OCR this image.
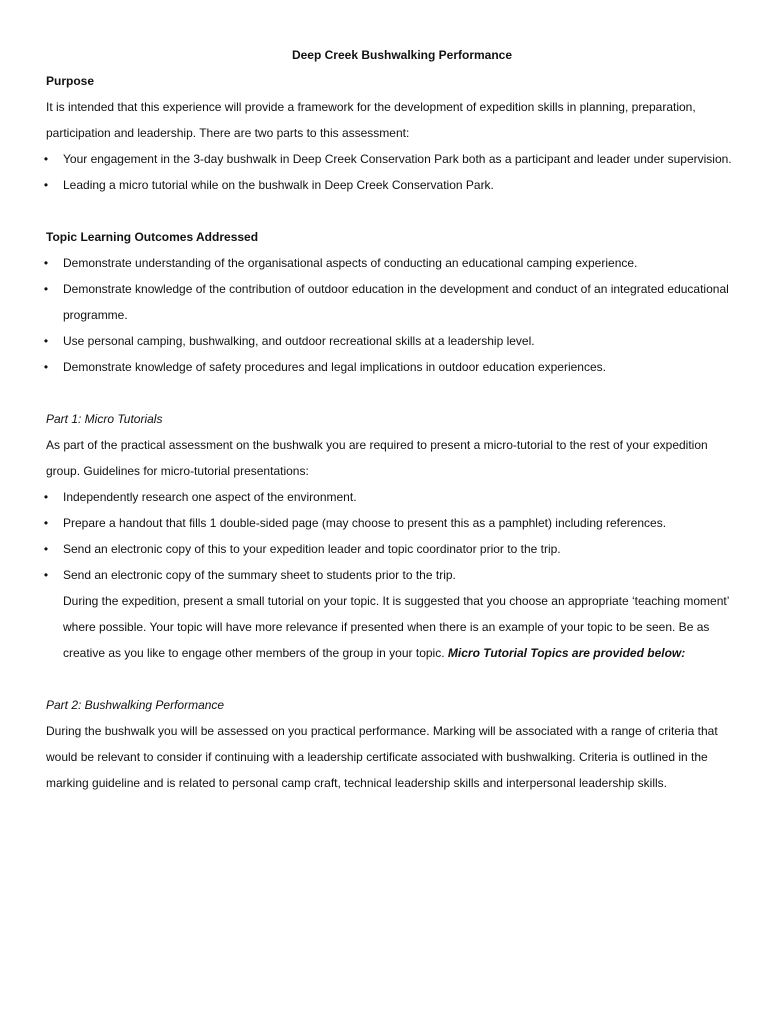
Deep Creek Bushwalking Performance

Purpose

It is intended that this experience will provide a framework for the development of expedition skills in planning, preparation, participation and leadership. There are two parts to this assessment:

•	Your engagement in the 3-day bushwalk in Deep Creek Conservation Park both as a participant and leader under supervision.
•	Leading a micro tutorial while on the bushwalk in Deep Creek Conservation Park.

Topic Learning Outcomes Addressed

•	Demonstrate understanding of the organisational aspects of conducting an educational camping experience.
•	Demonstrate knowledge of the contribution of outdoor education in the development and conduct of an integrated educational programme.
•	Use personal camping, bushwalking, and outdoor recreational skills at a leadership level.
•	Demonstrate knowledge of safety procedures and legal implications in outdoor education experiences.

Part 1: Micro Tutorials

As part of the practical assessment on the bushwalk you are required to present a micro-tutorial to the rest of your expedition group. Guidelines for micro-tutorial presentations:

•	Independently research one aspect of the environment.
•	Prepare a handout that fills 1 double-sided page (may choose to present this as a pamphlet) including references.
•	Send an electronic copy of this to your expedition leader and topic coordinator prior to the trip.
•	Send an electronic copy of the summary sheet to students prior to the trip.

During the expedition, present a small tutorial on your topic. It is suggested that you choose an appropriate ‘teaching moment’ where possible. Your topic will have more relevance if presented when there is an example of your topic to be seen. Be as creative as you like to engage other members of the group in your topic. Micro Tutorial Topics are provided below:

Part 2: Bushwalking Performance

During the bushwalk you will be assessed on you practical performance. Marking will be associated with a range of criteria that would be relevant to consider if continuing with a leadership certificate associated with bushwalking. Criteria is outlined in the marking guideline and is related to personal camp craft, technical leadership skills and interpersonal leadership skills.
